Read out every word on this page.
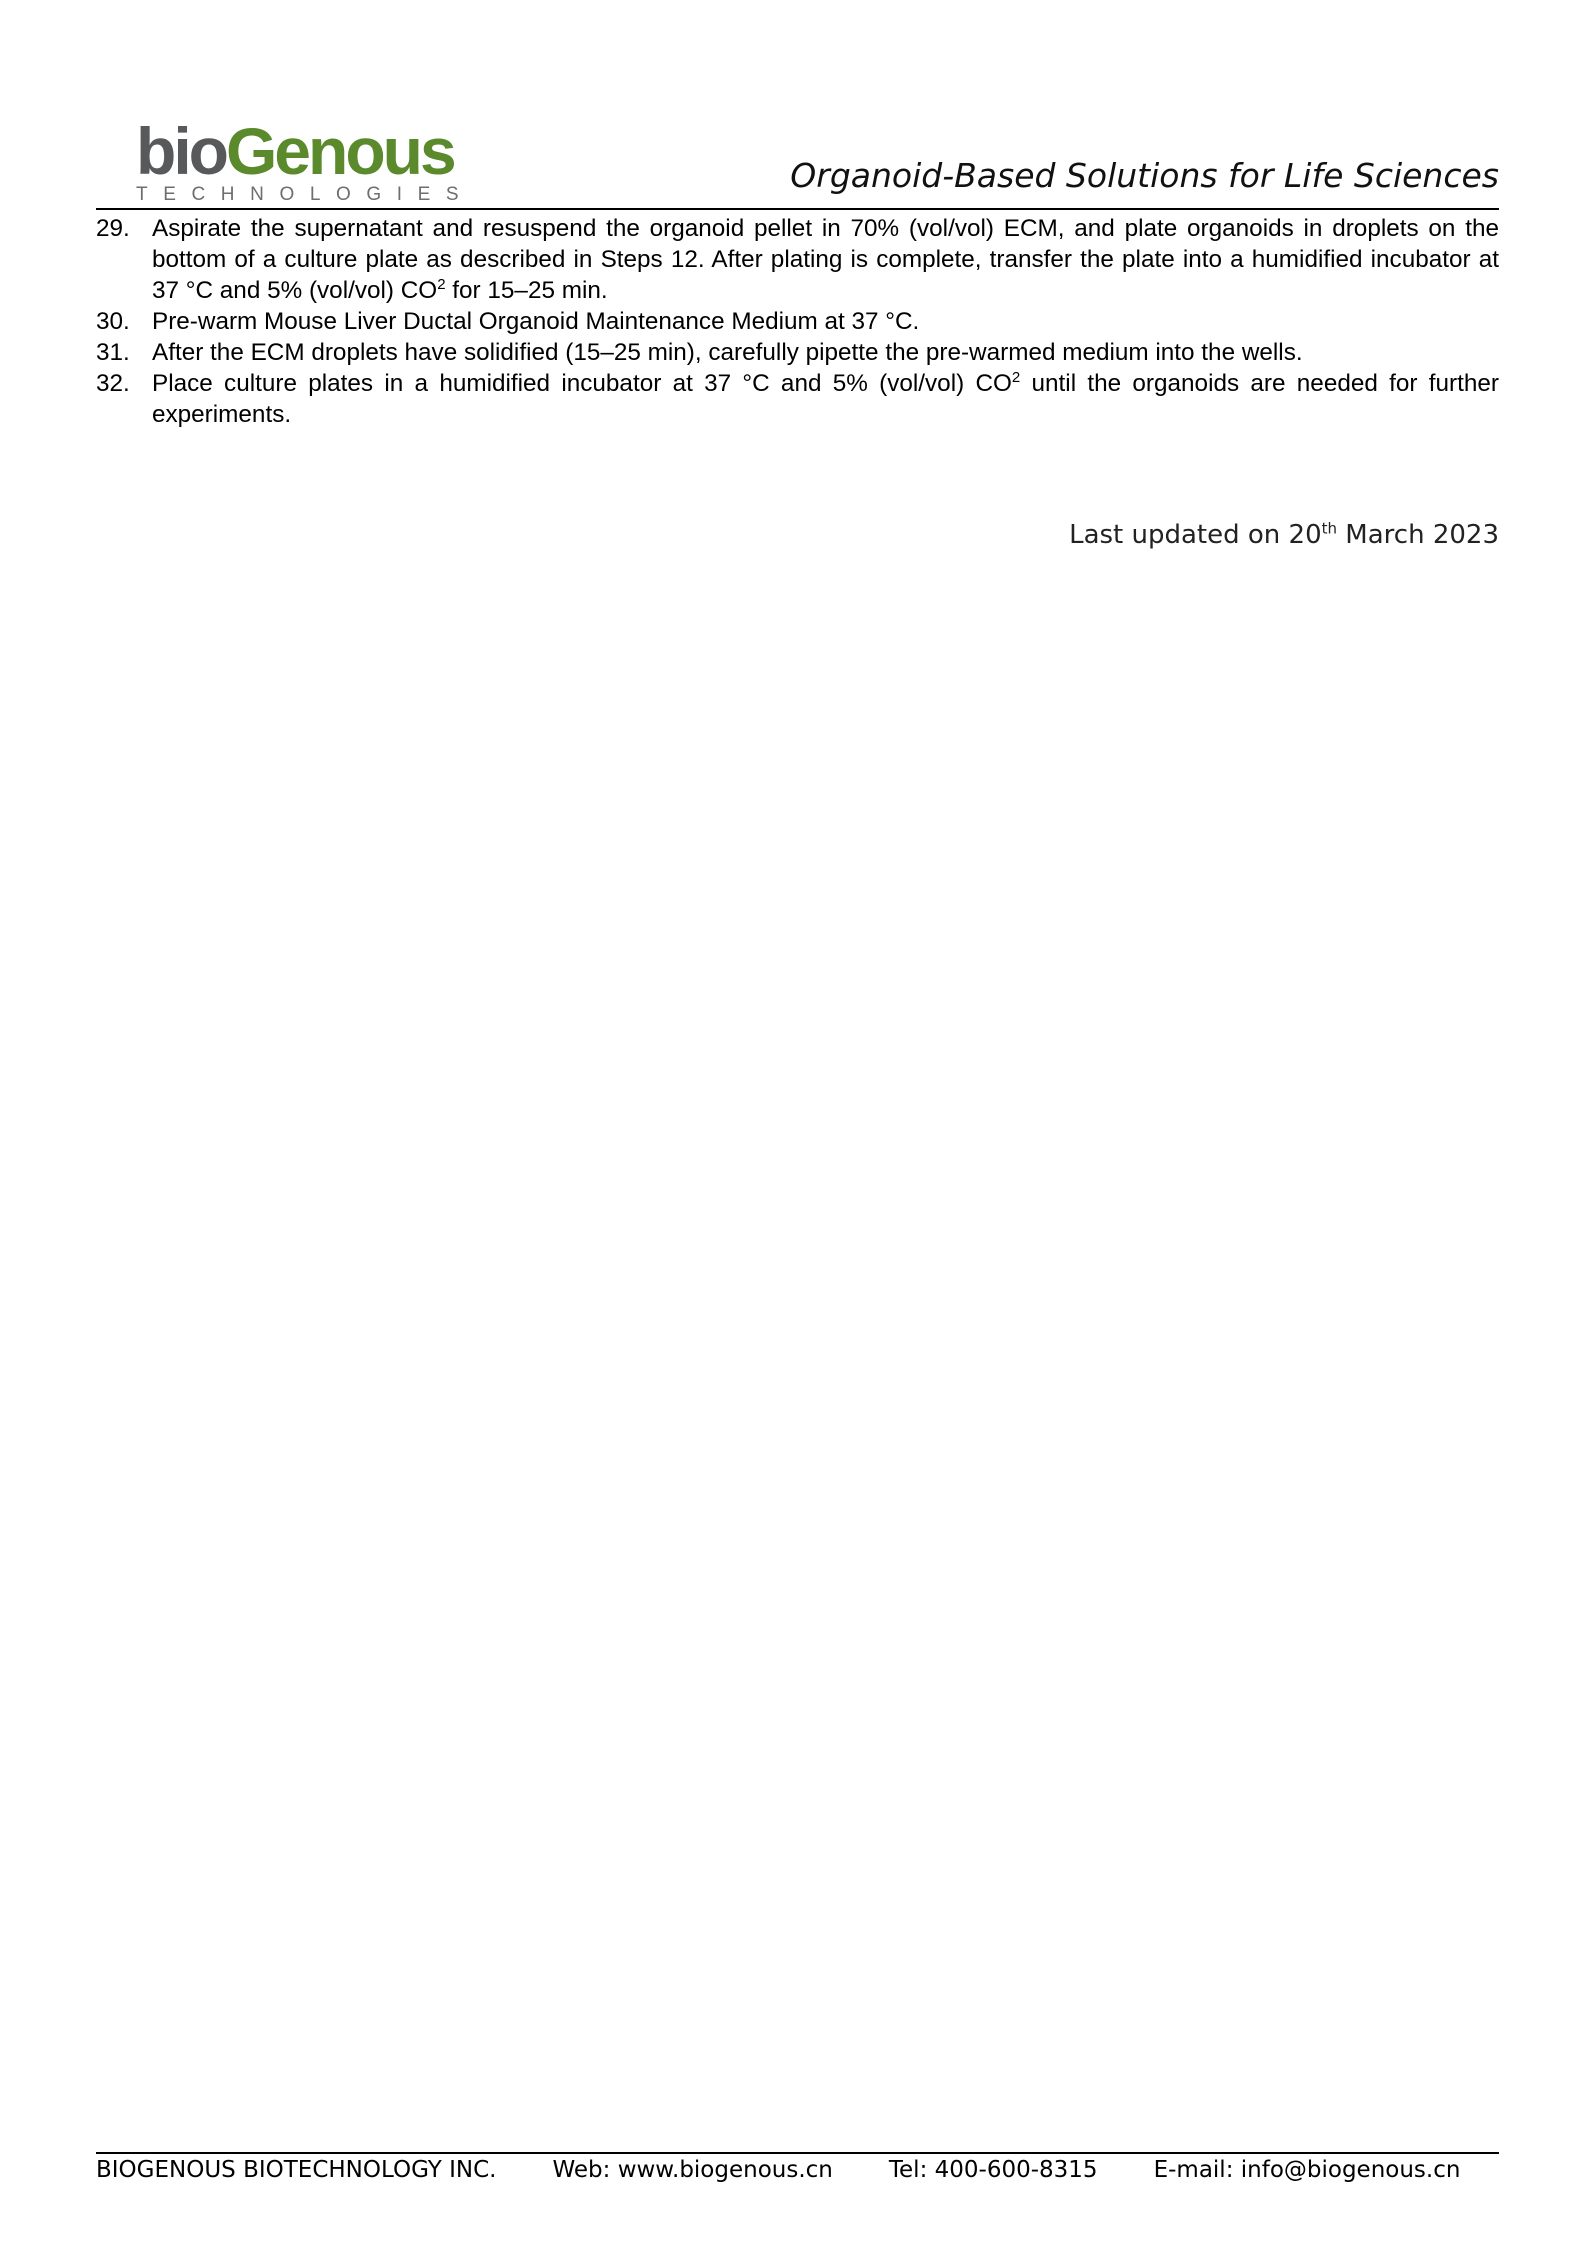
bioGenous
TECHNOLOGIES	Organoid-Based Solutions for Life Sciences
29. Aspirate the supernatant and resuspend the organoid pellet in 70% (vol/vol) ECM, and plate organoids in droplets on the bottom of a culture plate as described in Steps 12. After plating is complete, transfer the plate into a humidified incubator at 37 °C and 5% (vol/vol) $CO^2$ for 15–25 min.
30. Pre-warm Mouse Liver Ductal Organoid Maintenance Medium at 37 °C.
31. After the ECM droplets have solidified (15–25 min), carefully pipette the pre-warmed medium into the wells.
32. Place culture plates in a humidified incubator at 37 °C and 5% (vol/vol) $CO^2$ until the organoids are needed for further experiments.
Last updated on 20th March 2023
BIOGENOUS BIOTECHNOLOGY INC. Web: www.biogenous.cn Tel: 400-600-8315 E-mail: info@biogenous.cn
